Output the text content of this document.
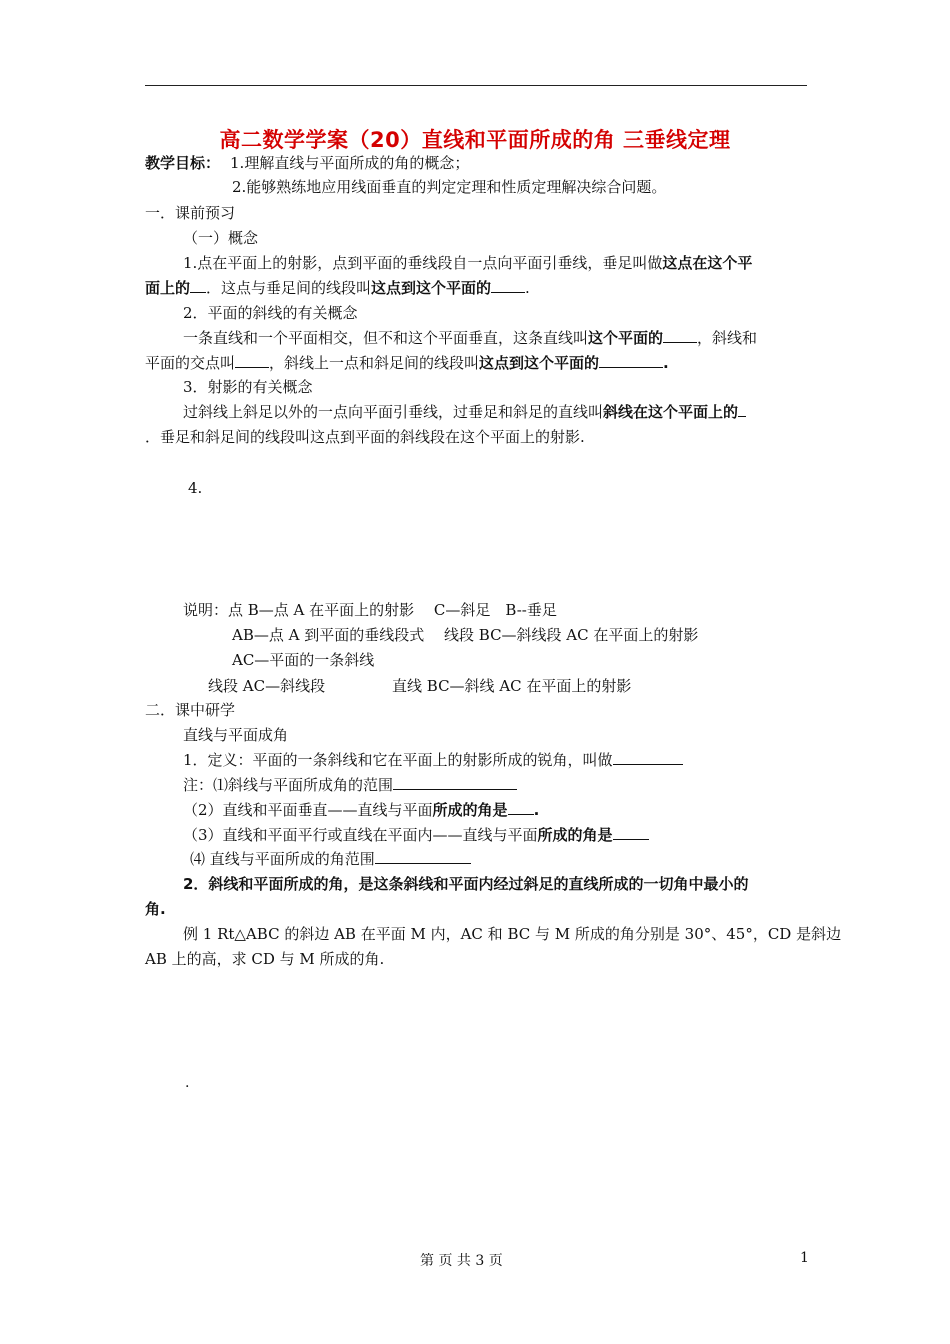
高二数学学案（20）直线和平面所成的角 三垂线定理
教学目标： 1.理解直线与平面所成的角的概念；
2.能够熟练地应用线面垂直的判定定理和性质定理解决综合问题。
一．课前预习
（一）概念
1.点在平面上的射影，点到平面的垂线段自一点向平面引垂线，垂足叫做这点在这个平
面上的 ．这点与垂足间的线段叫这点到这个平面的 .
2．平面的斜线的有关概念
一条直线和一个平面相交，但不和这个平面垂直，这条直线叫这个平面的 ，斜线和
平面的交点叫 ，斜线上一点和斜足间的线段叫这点到这个平面的	.
3．射影的有关概念
过斜线上斜足以外的一点向平面引垂线，过垂足和斜足的直线叫斜线在这个平面上的
．垂足和斜足间的线段叫这点到平面的斜线段在这个平面上的射影.
4.
说明：点 B—点 A 在平面上的射影　 C—斜足　B--垂足
AB—点 A 到平面的垂线段式　 线段 BC—斜线段 AC 在平面上的射影
AC—平面的一条斜线
线段 AC—斜线段	直线 BC—斜线 AC 在平面上的射影
二．课中研学
直线与平面成角
1．定义：平面的一条斜线和它在平面上的射影所成的锐角，叫做
注：⑴斜线与平面所成角的范围
（2）直线和平面垂直——直线与平面所成的角是 .
（3）直线和平面平行或直线在平面内——直线与平面所成的角是
⑷ 直线与平面所成的角范围
2．斜线和平面所成的角，是这条斜线和平面内经过斜足的直线所成的一切角中最小的
角.
例 1 Rt△ABC 的斜边 AB 在平面 M 内，AC 和 BC 与 M 所成的角分别是 30°、45°，CD 是斜边
AB 上的高，求 CD 与 M 所成的角.
.
第 页 共 3 页	1
